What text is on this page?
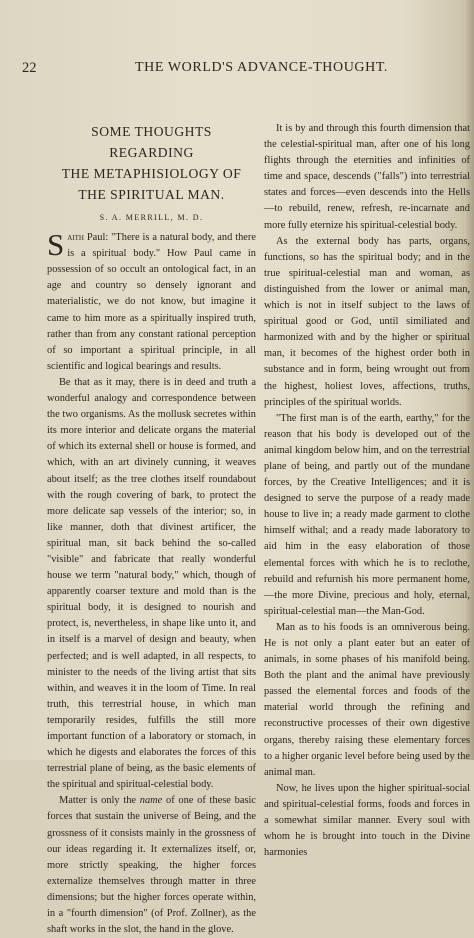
22	THE WORLD'S ADVANCE-THOUGHT.
SOME THOUGHTS REGARDING
THE METAPHISIOLOGY OF
THE SPIRITUAL MAN.
S. A. MERRILL, M. D.

Saith Paul: "There is a natural body, and there is a spiritual body." How Paul came in possession of so occult an ontological fact, in an age and country so densely ignorant and materialistic, we do not know, but imagine it came to him more as a spiritually inspired truth, rather than from any constant rational perception of so important a spiritual principle, in all scientific and logical bearings and results.

Be that as it may, there is in deed and truth a wonderful analogy and correspondence between the two organisms. As the mollusk secretes within its more interior and delicate organs the material of which its external shell or house is formed, and which, with an art divinely cunning, it weaves about itself; as the tree clothes itself roundabout with the rough covering of bark, to protect the more delicate sap vessels of the interior; so, in like manner, doth that divinest artificer, the spiritual man, sit back behind the so-called "visible" and fabricate that really wonderful house we term "natural body," which, though of apparently coarser texture and mold than is the spiritual body, it is designed to nourish and protect, is, nevertheless, in shape like unto it, and in itself is a marvel of design and beauty, when perfected; and is well adapted, in all respects, to minister to the needs of the living artist that sits within, and weaves it in the loom of Time. In real truth, this terrestrial house, in which man temporarily resides, fulfills the still more important function of a laboratory or stomach, in which he digests and elaborates the forces of this terrestrial plane of being, as the basic elements of the spiritual and spiritual-celestial body.

Matter is only the name of one of these basic forces that sustain the universe of Being, and the grossness of it consists mainly in the grossness of our ideas regarding it. It externalizes itself, or, more strictly speaking, the higher forces externalize themselves through matter in three dimensions; but the higher forces operate within, in a "fourth dimension" (of Prof. Zollner), as the shaft works in the slot, the hand in the glove.

It is by and through this fourth dimension that the celestial-spiritual man, after one of his long flights through the eternities and infinities of time and space, descends ("falls") into terrestrial states and forces—even descends into the Hells—to rebuild, renew, refresh, re-incarnate and more fully eternize his spiritual-celestial body.

As the external body has parts, organs, functions, so has the spiritual body; and in the true spiritual-celestial man and woman, as distinguished from the lower or animal man, which is not in itself subject to the laws of spiritual good or God, until similiated and harmonized with and by the higher or spiritual man, it becomes of the highest order both in substance and in form, being wrought out from the highest, holiest loves, affections, truths, principles of the spiritual worlds.

"The first man is of the earth, earthy," for the reason that his body is developed out of the animal kingdom below him, and on the terrestrial plane of being, and partly out of the mundane forces, by the Creative Intelligences; and it is designed to serve the purpose of a ready made house to live in; a ready made garment to clothe himself withal; and a ready made laboratory to aid him in the easy elaboration of those elemental forces with which he is to reclothe, rebuild and refurnish his more permanent home,—the more Divine, precious and holy, eternal, spiritual-celestial man—the Man-God.

Man as to his foods is an omniverous being. He is not only a plant eater but an eater of animals, in some phases of his manifold being. Both the plant and the animal have previously passed the elemental forces and foods of the material world through the refining and reconstructive processes of their own digestive organs, thereby raising these elementary forces to a higher organic level before being used by the animal man.

Now, he lives upon the higher spiritual-social and spiritual-celestial forms, foods and forces in a somewhat similar manner. Every soul with whom he is brought into touch in the Divine harmonies
